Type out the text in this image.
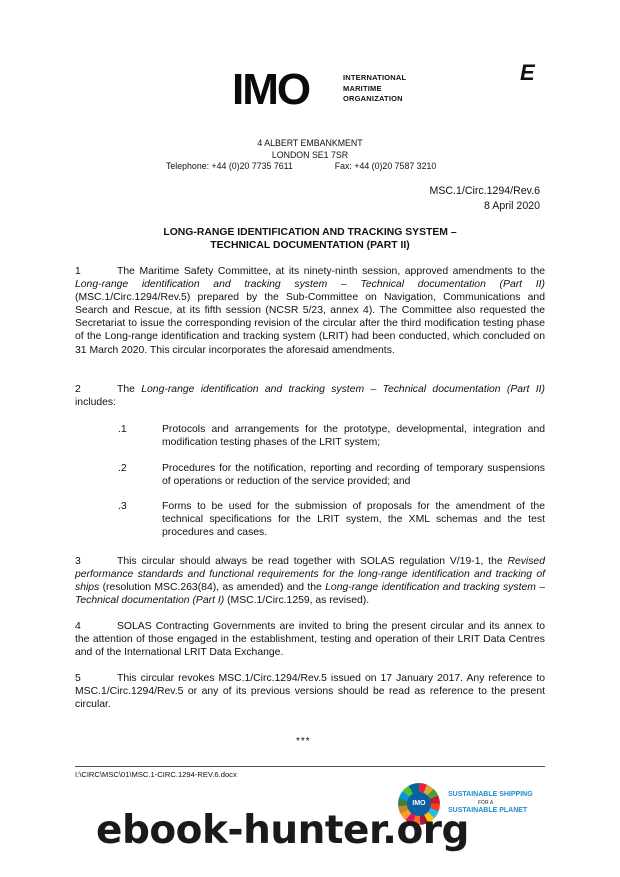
IMO	INTERNATIONAL
MARITIME
ORGANIZATION
E
4 ALBERT EMBANKMENT
LONDON SE1 7SR
Telephone: +44 (0)20 7735 7611	Fax: +44 (0)20 7587 3210
MSC.1/Circ.1294/Rev.6
8 April 2020
LONG-RANGE IDENTIFICATION AND TRACKING SYSTEM –
TECHNICAL DOCUMENTATION (PART II)

1	The Maritime Safety Committee, at its ninety-ninth session, approved amendments to the Long-range identification and tracking system – Technical documentation (Part II) (MSC.1/Circ.1294/Rev.5) prepared by the Sub-Committee on Navigation, Communications and Search and Rescue, at its fifth session (NCSR 5/23, annex 4). The Committee also requested the Secretariat to issue the corresponding revision of the circular after the third modification testing phase of the Long-range identification and tracking system (LRIT) had been conducted, which concluded on 31 March 2020. This circular incorporates the aforesaid amendments.

2	The Long-range identification and tracking system – Technical documentation (Part II) includes:

.1	Protocols and arrangements for the prototype, developmental, integration and modification testing phases of the LRIT system;
.2	Procedures for the notification, reporting and recording of temporary suspensions of operations or reduction of the service provided; and
.3	Forms to be used for the submission of proposals for the amendment of the technical specifications for the LRIT system, the XML schemas and the test procedures and cases.

3	This circular should always be read together with SOLAS regulation V/19-1, the Revised performance standards and functional requirements for the long-range identification and tracking of ships (resolution MSC.263(84), as amended) and the Long-range identification and tracking system – Technical documentation (Part I) (MSC.1/Circ.1259, as revised).

4	SOLAS Contracting Governments are invited to bring the present circular and its annex to the attention of those engaged in the establishment, testing and operation of their LRIT Data Centres and of the International LRIT Data Exchange.

5	This circular revokes MSC.1/Circ.1294/Rev.5 issued on 17 January 2017. Any reference to MSC.1/Circ.1294/Rev.5 or any of its previous versions should be read as reference to the present circular.

***
I:\CIRC\MSC\01\MSC.1-CIRC.1294-REV.6.docx
IMO
SUSTAINABLE SHIPPING
FOR A
SUSTAINABLE PLANET
ebook-hunter.org
